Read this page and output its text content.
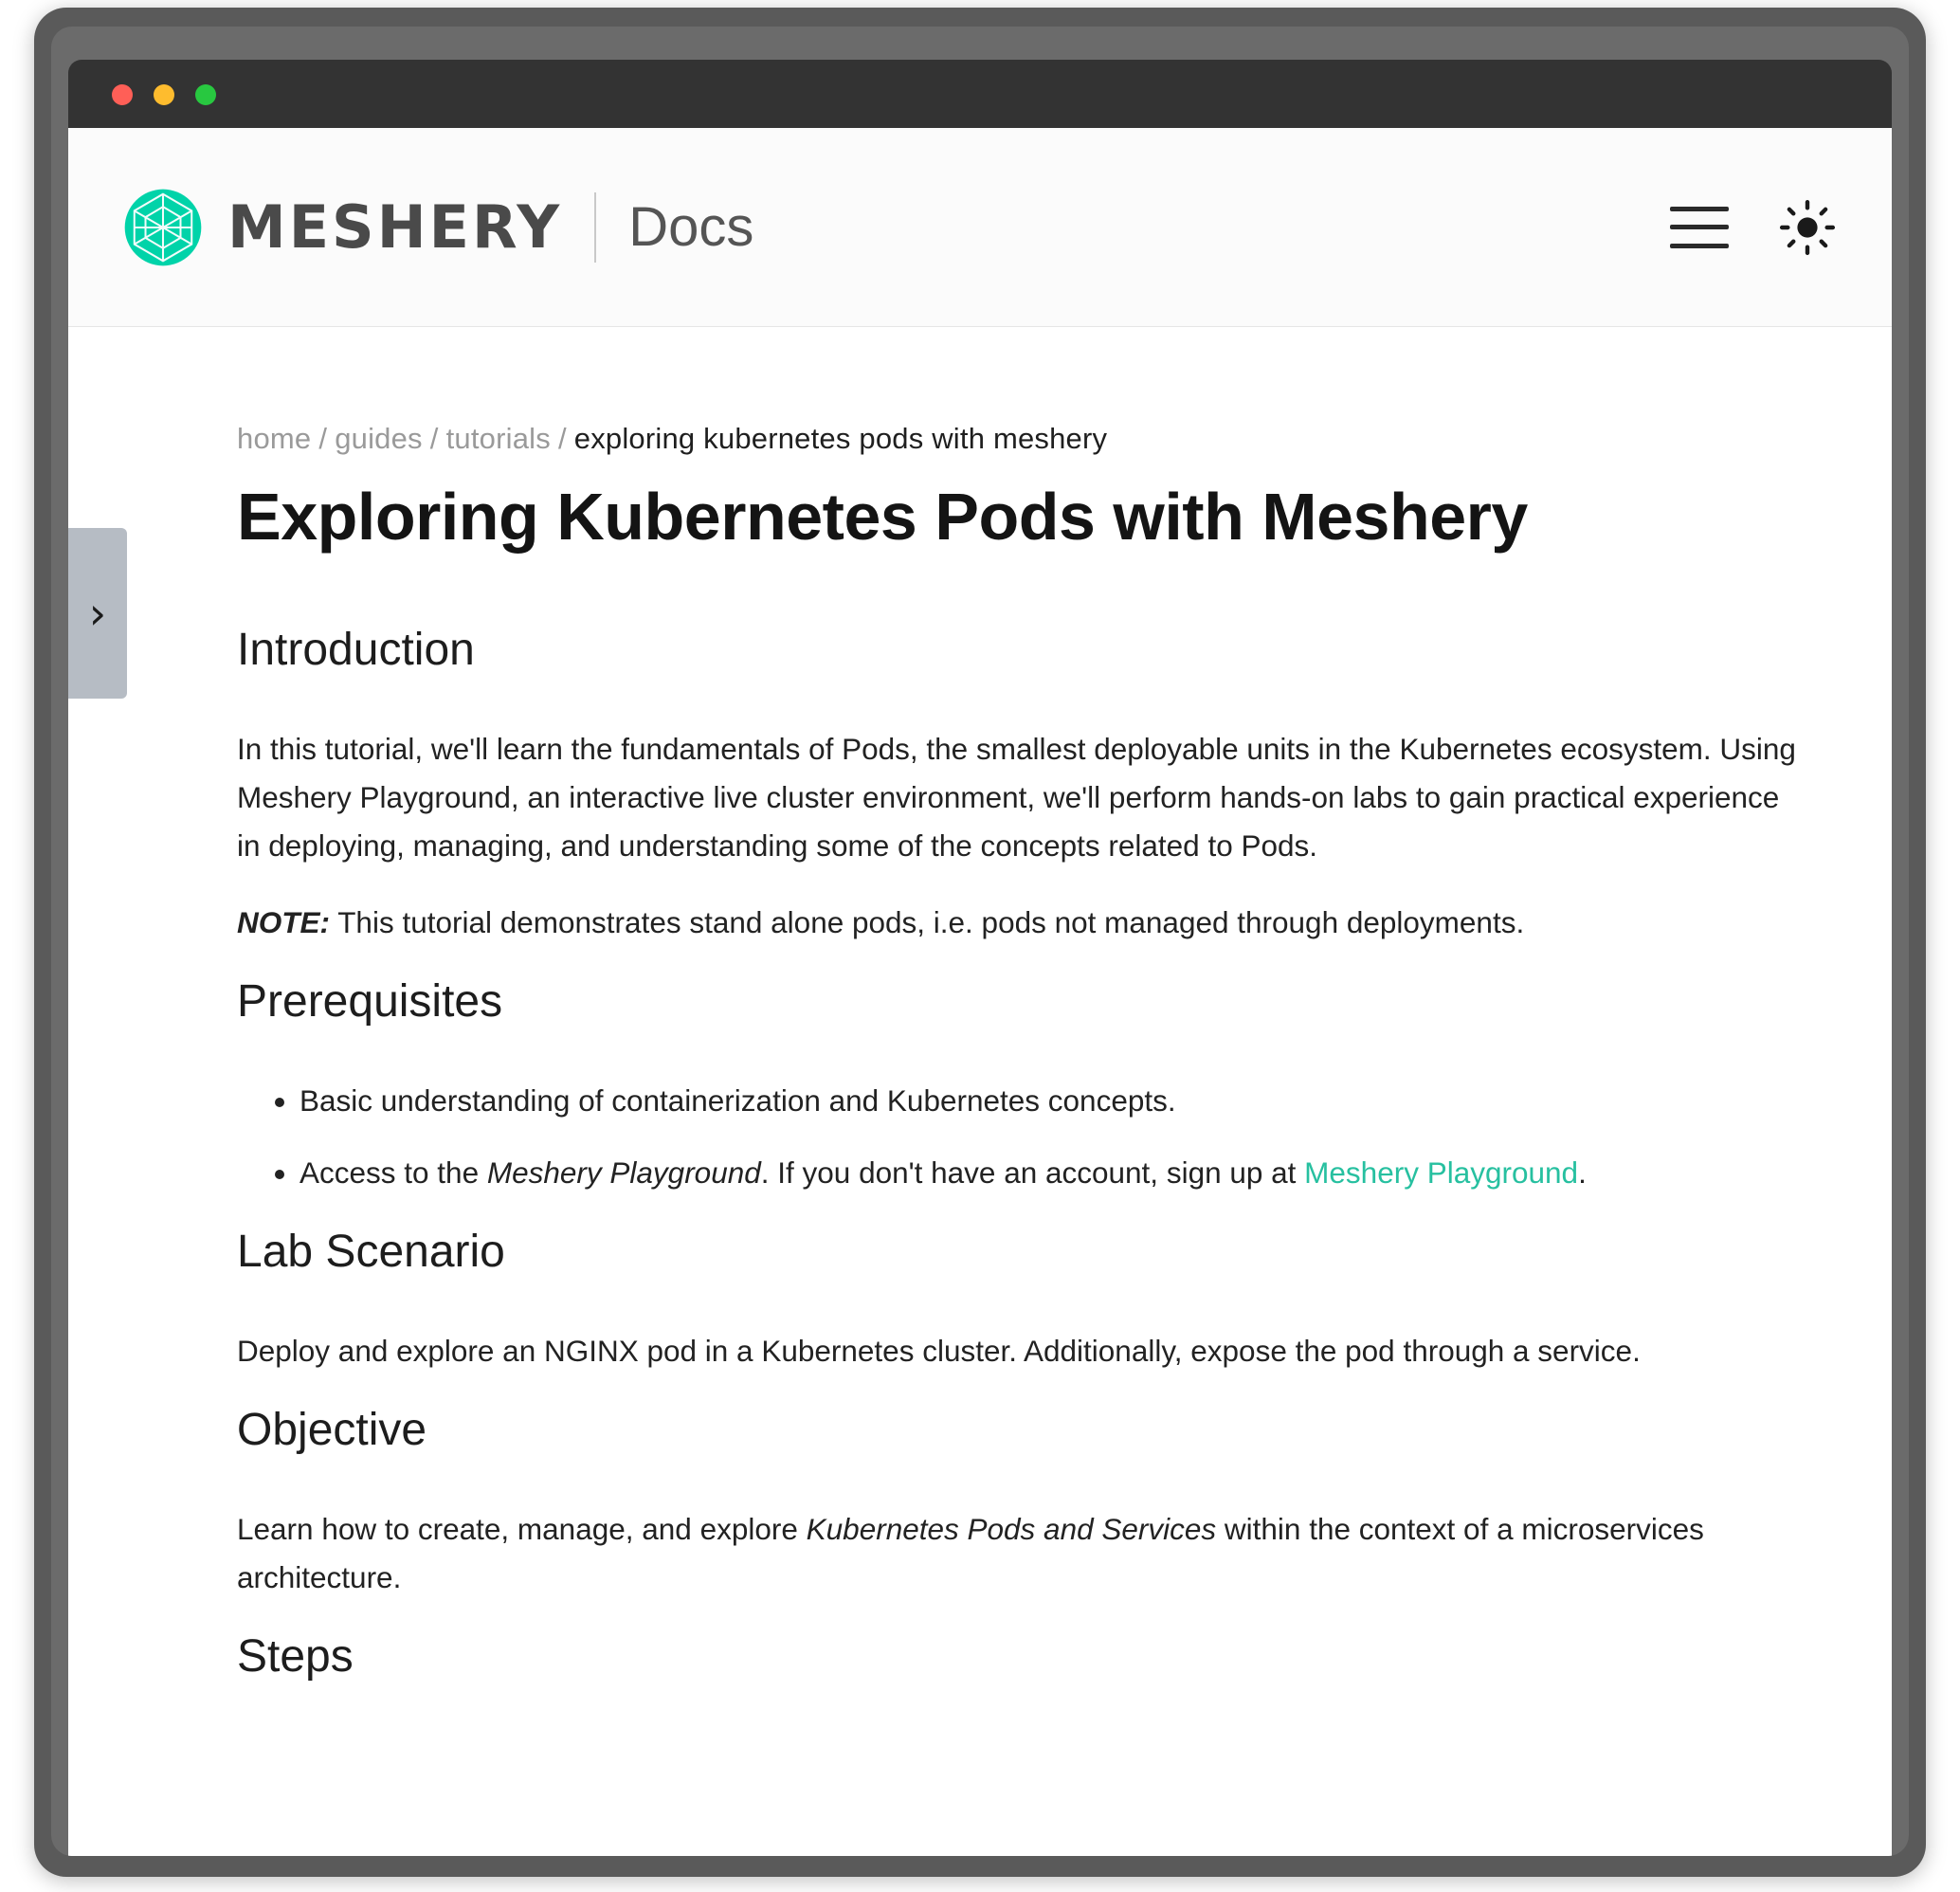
MESHERY Docs
›
home / guides / tutorials / exploring kubernetes pods with meshery
Exploring Kubernetes Pods with Meshery
Introduction

In this tutorial, we'll learn the fundamentals of Pods, the smallest deployable units in the Kubernetes ecosystem. Using Meshery Playground, an interactive live cluster environment, we'll perform hands-on labs to gain practical experience in deploying, managing, and understanding some of the concepts related to Pods.

NOTE: This tutorial demonstrates stand alone pods, i.e. pods not managed through deployments.

Prerequisites
• Basic understanding of containerization and Kubernetes concepts.
• Access to the Meshery Playground. If you don't have an account, sign up at Meshery Playground.
Lab Scenario

Deploy and explore an NGINX pod in a Kubernetes cluster. Additionally, expose the pod through a service.

Objective

Learn how to create, manage, and explore Kubernetes Pods and Services within the context of a microservices architecture.

Steps
